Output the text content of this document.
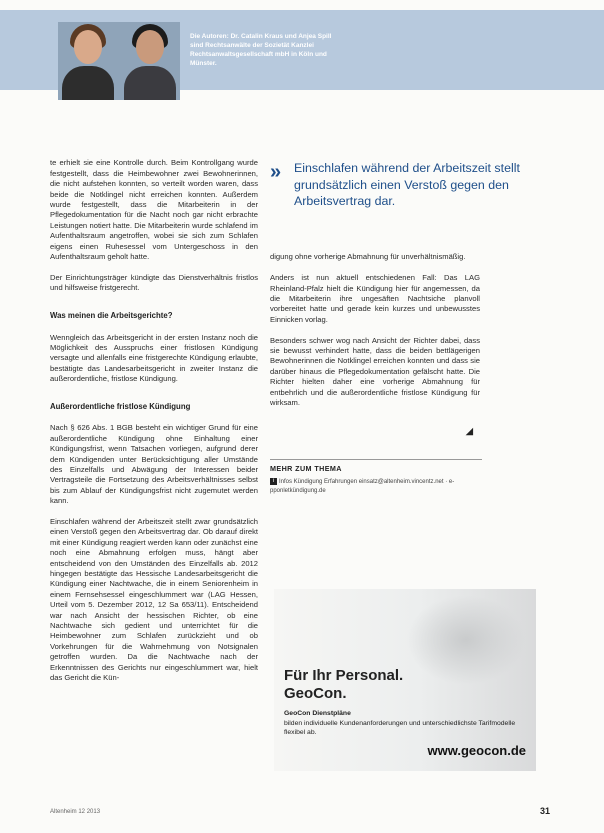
Die Autoren: Dr. Catalin Kraus und Anjea Spill sind Rechtsanwälte der Sozietät Kanzlei Rechtsanwaltsgesellschaft mbH in Köln und Münster.

te erhielt sie eine Kontrolle durch. Beim Kontrollgang wurde festgestellt, dass die Heimbewohner zwei Bewohnerinnen, die nicht aufstehen konnten, so verteilt worden waren, dass beide die Notklingel nicht erreichen konnten. Außerdem wurde festgestellt, dass die Mitarbeiterin in der Pflegedokumentation für die Nacht noch gar nicht erbrachte Leistungen notiert hatte. Die Mitarbeiterin wurde schlafend im Aufenthaltsraum angetroffen, wobei sie sich zum Schlafen eigens einen Ruhesessel vom Untergeschoss in den Aufenthaltsraum geholt hatte.

Der Einrichtungsträger kündigte das Dienstverhältnis fristlos und hilfsweise fristgerecht.

Was meinen die Arbeitsgerichte?

Wenngleich das Arbeitsgericht in der ersten Instanz noch die Möglichkeit des Ausspruchs einer fristlosen Kündigung versagte und allenfalls eine fristgerechte Kündigung erlaubte, bestätigte das Landesarbeitsgericht in zweiter Instanz die außerordentliche, fristlose Kündigung.

Außerordentliche fristlose Kündigung

Nach § 626 Abs. 1 BGB besteht ein wichtiger Grund für eine außerordentliche Kündigung ohne Einhaltung einer Kündigungsfrist, wenn Tatsachen vorliegen, aufgrund derer dem Kündigenden unter Berücksichtigung aller Umstände des Einzelfalls und Abwägung der Interessen beider Vertragsteile die Fortsetzung des Arbeitsverhältnisses selbst bis zum Ablauf der Kündigungsfrist nicht zugemutet werden kann.

Einschlafen während der Arbeitszeit stellt zwar grundsätzlich einen Verstoß gegen den Arbeitsvertrag dar. Ob darauf direkt mit einer Kündigung reagiert werden kann oder zunächst eine noch eine Abmahnung erfolgen muss, hängt aber entscheidend von den Umständen des Einzelfalls ab. 2012 hingegen bestätigte das Hessische Landesarbeitsgericht die Kündigung einer Nachtwache, die in einem Seniorenheim in einem Fernsehsessel eingeschlummert war (LAG Hessen, Urteil vom 5. Dezember 2012, 12 Sa 653/11). Entscheidend war nach Ansicht der hessischen Richter, ob eine Nachtwache sich gedient und unterrichtet für die Heimbewohner zum Schlafen zurückzieht und ob Vorkehrungen für die Wahrnehmung von Notsignalen getroffen wurden. Da die Nachtwache nach der Erkenntnissen des Gerichts nur eingeschlummert war, hielt das Gericht die Kün-

» Einschlafen während der Arbeitszeit stellt grundsätzlich einen Verstoß gegen den Arbeitsvertrag dar.

digung ohne vorherige Abmahnung für unverhältnismäßig.

Anders ist nun aktuell entschiedenen Fall: Das LAG Rheinland-Pfalz hielt die Kündigung hier für angemessen, da die Mitarbeiterin ihre ungesäften Nachtsiche planvoll vorbereitet hatte und gerade kein kurzes und unbewusstes Einnicken vorlag.

Besonders schwer wog nach Ansicht der Richter dabei, dass sie bewusst verhindert hatte, dass die beiden bettlägerigen Bewohnerinnen die Notklingel erreichen konnten und dass sie darüber hinaus die Pflegedokumentation gefälscht hatte. Die Richter hielten daher eine vorherige Abmahnung für entbehrlich und die außerordentliche fristlose Kündigung für wirksam.

◢
MEHR ZUM THEMA
i Infos Kündigung Erfahrungen einsatz@altenheim.vincentz.net · e-pponletkündigung.de
Für Ihr Personal.
GeoCon.
GeoCon Dienstpläne
bilden individuelle Kundenanforderungen und unterschiedlichste Tarifmodelle flexibel ab.
www.geocon.de
Altenheim 12 2013	31
